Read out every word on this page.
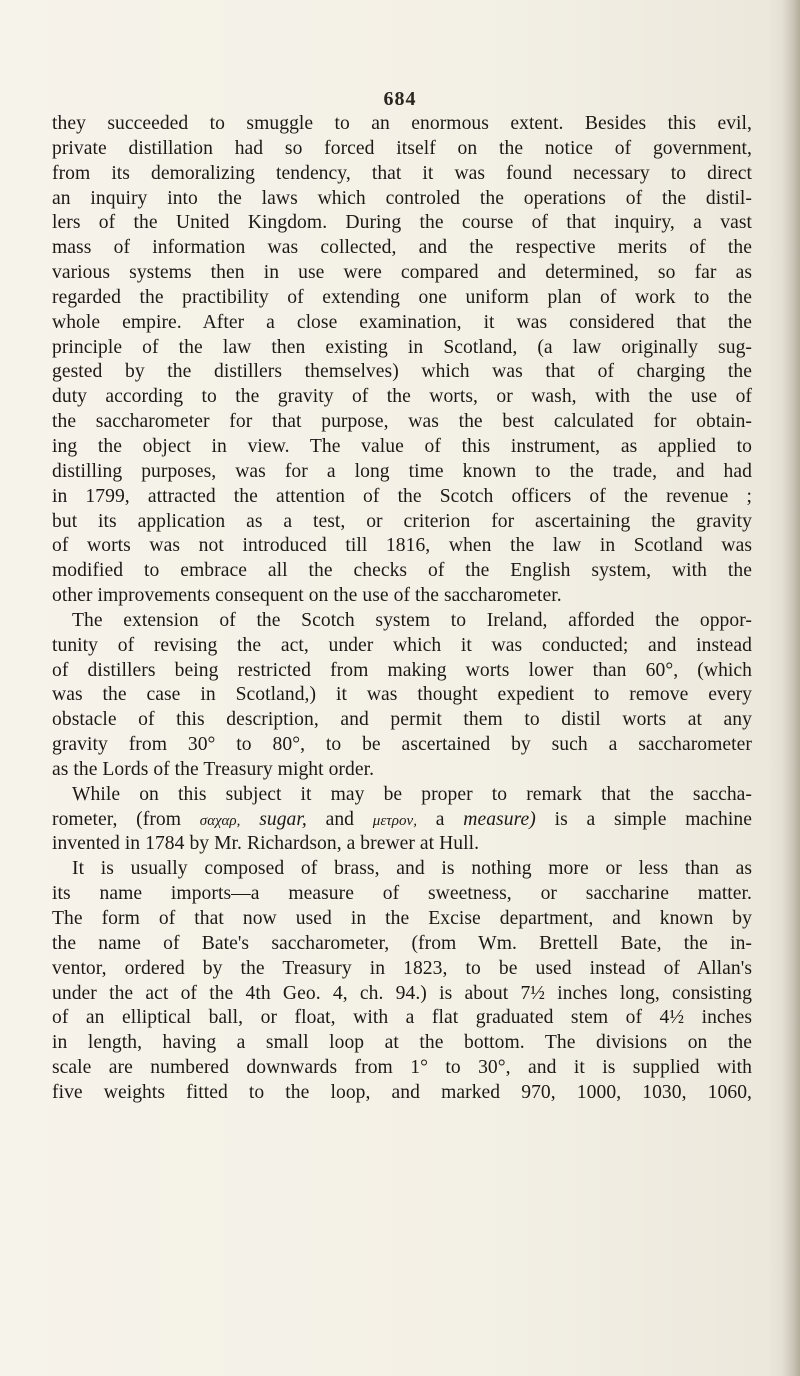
684
they succeeded to smuggle to an enormous extent. Besides this evil,
private distillation had so forced itself on the notice of government,
from its demoralizing tendency, that it was found necessary to direct
an inquiry into the laws which controled the operations of the distil-
lers of the United Kingdom. During the course of that inquiry, a vast
mass of information was collected, and the respective merits of the
various systems then in use were compared and determined, so far as
regarded the practibility of extending one uniform plan of work to the
whole empire. After a close examination, it was considered that the
principle of the law then existing in Scotland, (a law originally sug-
gested by the distillers themselves) which was that of charging the
duty according to the gravity of the worts, or wash, with the use of
the saccharometer for that purpose, was the best calculated for obtain-
ing the object in view. The value of this instrument, as applied to
distilling purposes, was for a long time known to the trade, and had
in 1799, attracted the attention of the Scotch officers of the revenue ;
but its application as a test, or criterion for ascertaining the gravity
of worts was not introduced till 1816, when the law in Scotland was
modified to embrace all the checks of the English system, with the
other improvements consequent on the use of the saccharometer.
The extension of the Scotch system to Ireland, afforded the oppor-
tunity of revising the act, under which it was conducted; and instead
of distillers being restricted from making worts lower than 60°, (which
was the case in Scotland,) it was thought expedient to remove every
obstacle of this description, and permit them to distil worts at any
gravity from 30° to 80°, to be ascertained by such a saccharometer
as the Lords of the Treasury might order.
While on this subject it may be proper to remark that the saccha-
rometer, (from σαχαρ, sugar, and μετρον, a measure) is a simple machine
invented in 1784 by Mr. Richardson, a brewer at Hull.
It is usually composed of brass, and is nothing more or less than as
its name imports—a measure of sweetness, or saccharine matter.
The form of that now used in the Excise department, and known by
the name of Bate's saccharometer, (from Wm. Brettell Bate, the in-
ventor, ordered by the Treasury in 1823, to be used instead of Allan's
under the act of the 4th Geo. 4, ch. 94.) is about 7½ inches long, consisting
of an elliptical ball, or float, with a flat graduated stem of 4½ inches
in length, having a small loop at the bottom. The divisions on the
scale are numbered downwards from 1° to 30°, and it is supplied with
five weights fitted to the loop, and marked 970, 1000, 1030, 1060,
